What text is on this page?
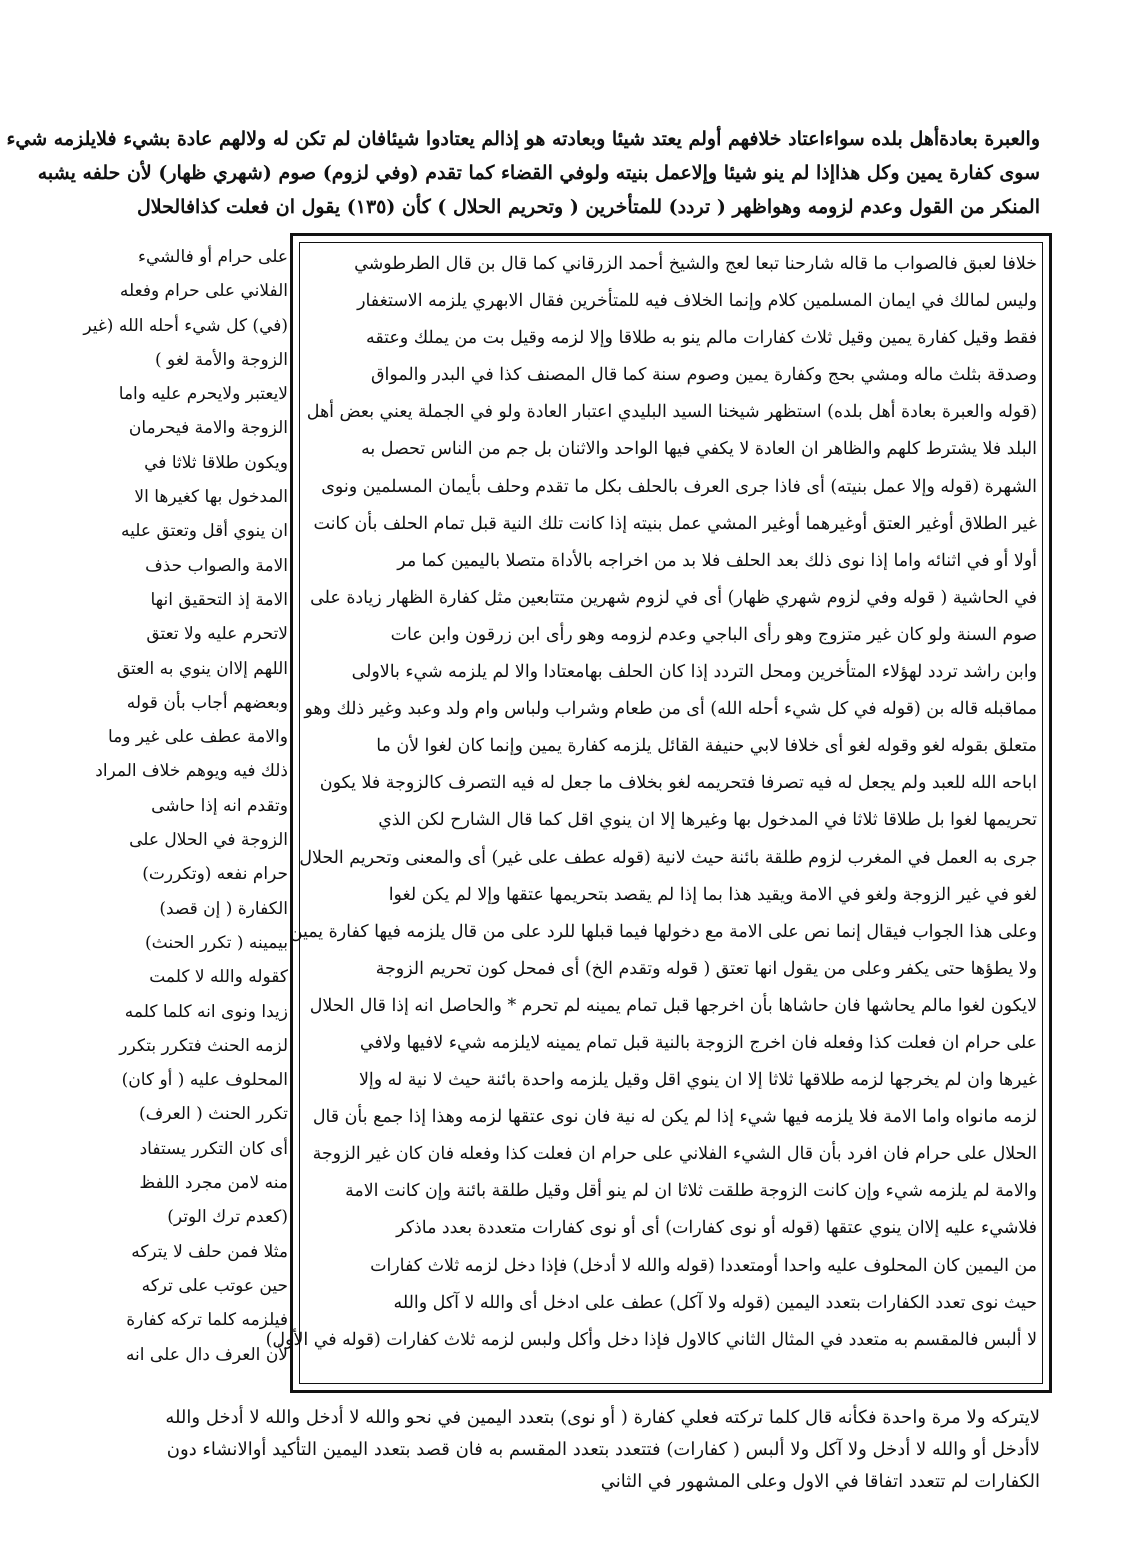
والعبرة بعادةأهل بلده سواءاعتاد خلافهم أولم يعتد شيئا وبعادته هو إذالم يعتادوا شيئافان لم تكن له ولالهم عادة بشيء فلايلزمه شيء
سوى كفارة يمين وكل هذاإذا لم ينو شيئا وإلاعمل بنيته ولوفي القضاء كما تقدم (وفي لزوم) صوم (شهري ظهار) لأن حلفه يشبه
المنكر من القول وعدم لزومه وهواظهر ( تردد) للمتأخرين ( وتحريم الحلال ) كأن (١٣٥) يقول ان فعلت كذافالحلال
خلافا لعبق فالصواب ما قاله شارحنا تبعا لعج والشيخ أحمد الزرقاني كما قال بن قال الطرطوشي
وليس لمالك في ايمان المسلمين كلام وإنما الخلاف فيه للمتأخرين فقال الابهري يلزمه الاستغفار
فقط وقيل كفارة يمين وقيل ثلاث كفارات مالم ينو به طلاقا وإلا لزمه وقيل بت من يملك وعتقه
وصدقة بثلث ماله ومشي بحج وكفارة يمين وصوم سنة كما قال المصنف كذا في البدر والمواق
(قوله والعبرة بعادة أهل بلده) استظهر شيخنا السيد البليدي اعتبار العادة ولو في الجملة يعني بعض أهل
البلد فلا يشترط كلهم والظاهر ان العادة لا يكفي فيها الواحد والاثنان بل جم من الناس تحصل به
الشهرة (قوله وإلا عمل بنيته) أى فاذا جرى العرف بالحلف بكل ما تقدم وحلف بأيمان المسلمين ونوى
غير الطلاق أوغير العتق أوغيرهما أوغير المشي عمل بنيته إذا كانت تلك النية قبل تمام الحلف بأن كانت
أولا أو في اثنائه واما إذا نوى ذلك بعد الحلف فلا بد من اخراجه بالأداة متصلا باليمين كما مر
في الحاشية ( قوله وفي لزوم شهري ظهار) أى في لزوم شهرين متتابعين مثل كفارة الظهار زيادة على
صوم السنة ولو كان غير متزوج وهو رأى الباجي وعدم لزومه وهو رأى ابن زرقون وابن عات
وابن راشد تردد لهؤلاء المتأخرين ومحل التردد إذا كان الحلف بهامعتادا والا لم يلزمه شيء بالاولى
مماقبله قاله بن (قوله في كل شيء أحله الله) أى من طعام وشراب ولباس وام ولد وعبد وغير ذلك وهو
متعلق بقوله لغو وقوله لغو أى خلافا لابي حنيفة القائل يلزمه كفارة يمين وإنما كان لغوا لأن ما
اباحه الله للعبد ولم يجعل له فيه تصرفا فتحريمه لغو بخلاف ما جعل له فيه التصرف كالزوجة فلا يكون
تحريمها لغوا بل طلاقا ثلاثا في المدخول بها وغيرها إلا ان ينوي اقل كما قال الشارح لكن الذي
جرى به العمل في المغرب لزوم طلقة بائنة حيث لانية (قوله عطف على غير) أى والمعنى وتحريم الحلال
لغو في غير الزوجة ولغو في الامة ويقيد هذا بما إذا لم يقصد بتحريمها عتقها وإلا لم يكن لغوا
وعلى هذا الجواب فيقال إنما نص على الامة مع دخولها فيما قبلها للرد على من قال يلزمه فيها كفارة يمين
ولا يطؤها حتى يكفر وعلى من يقول انها تعتق ( قوله وتقدم الخ) أى فمحل كون تحريم الزوجة
لايكون لغوا مالم يحاشها فان حاشاها بأن اخرجها قبل تمام يمينه لم تحرم * والحاصل انه إذا قال الحلال
على حرام ان فعلت كذا وفعله فان اخرج الزوجة بالنية قبل تمام يمينه لايلزمه شيء لافيها ولافي
غيرها وان لم يخرجها لزمه طلاقها ثلاثا إلا ان ينوي اقل وقيل يلزمه واحدة بائنة حيث لا نية له وإلا
لزمه مانواه واما الامة فلا يلزمه فيها شيء إذا لم يكن له نية فان نوى عتقها لزمه وهذا إذا جمع بأن قال
الحلال على حرام فان افرد بأن قال الشيء الفلاني على حرام ان فعلت كذا وفعله فان كان غير الزوجة
والامة لم يلزمه شيء وإن كانت الزوجة طلقت ثلاثا ان لم ينو أقل وقيل طلقة بائنة وإن كانت الامة
فلاشيء عليه إلاان ينوي عتقها (قوله أو نوى كفارات) أى أو نوى كفارات متعددة بعدد ماذكر
من اليمين كان المحلوف عليه واحدا أومتعددا (قوله والله لا أدخل) فإذا دخل لزمه ثلاث كفارات
حيث نوى تعدد الكفارات بتعدد اليمين (قوله ولا آكل) عطف على ادخل أى والله لا آكل والله
لا ألبس فالمقسم به متعدد في المثال الثاني كالاول فإذا دخل وأكل ولبس لزمه ثلاث كفارات (قوله في الأول)
على حرام أو فالشيء
الفلاني على حرام وفعله
(في) كل شيء أحله الله (غير
الزوجة والأمة لغو )
لايعتبر ولايحرم عليه واما
الزوجة والامة فيحرمان
ويكون طلاقا ثلاثا في
المدخول بها كغيرها الا
ان ينوي أقل وتعتق عليه
الامة والصواب حذف
الامة إذ التحقيق انها
لاتحرم عليه ولا تعتق
اللهم إلاان ينوي به العتق
وبعضهم أجاب بأن قوله
والامة عطف على غير وما
ذلك فيه ويوهم خلاف المراد
وتقدم انه إذا حاشى
الزوجة في الحلال على
حرام نفعه (وتكررت)
الكفارة ( إن قصد)
بيمينه ( تكرر الحنث)
كقوله والله لا كلمت
زيدا ونوى انه كلما كلمه
لزمه الحنث فتكرر بتكرر
المحلوف عليه ( أو كان)
تكرر الحنث ( العرف)
أى كان التكرر يستفاد
منه لامن مجرد اللفظ
(كعدم ترك الوتر)
مثلا فمن حلف لا يتركه
حين عوتب على تركه
فيلزمه كلما تركه كفارة
لأن العرف دال على انه
لايتركه ولا مرة واحدة فكأنه قال كلما تركته فعلي كفارة ( أو نوى) بتعدد اليمين في نحو والله لا أدخل والله لا أدخل والله
لاأدخل أو والله لا أدخل ولا آكل ولا ألبس ( كفارات) فتتعدد بتعدد المقسم به فان قصد بتعدد اليمين التأكيد أوالانشاء دون
الكفارات لم تتعدد اتفاقا في الاول وعلى المشهور في الثاني
